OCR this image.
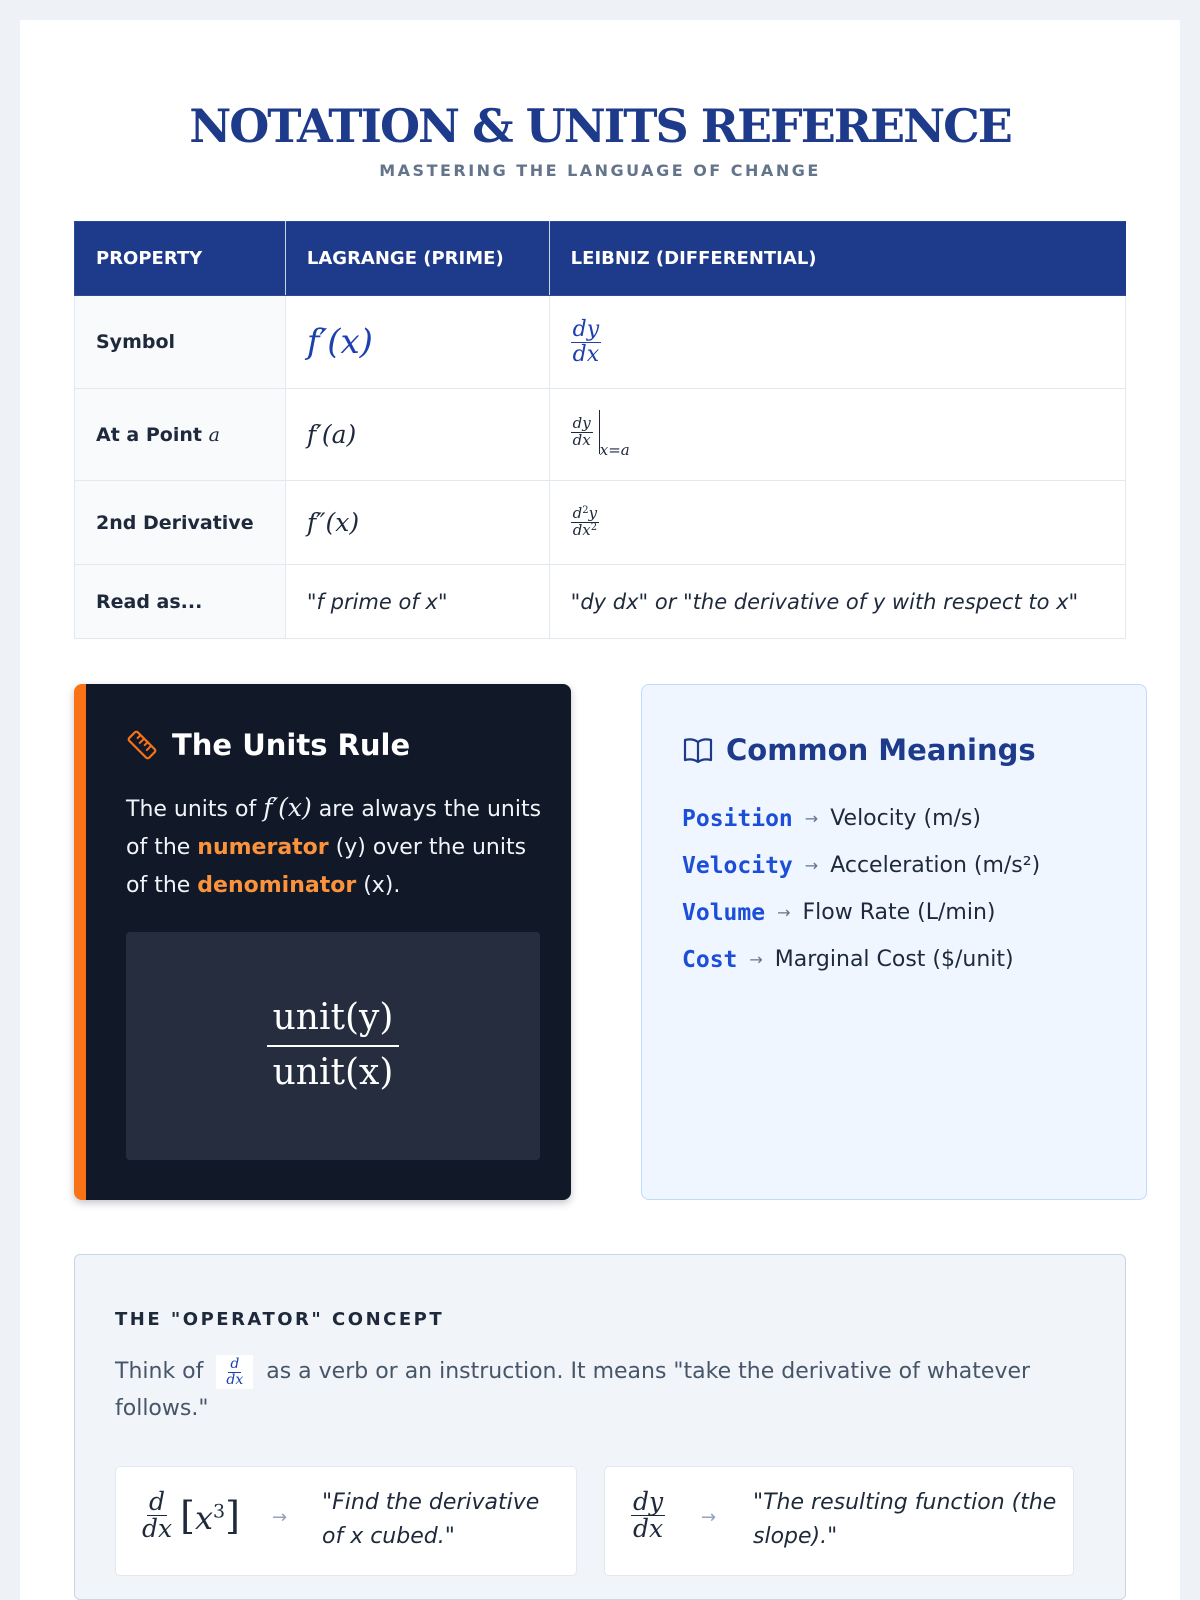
NOTATION & UNITS REFERENCE
MASTERING THE LANGUAGE OF CHANGE
PROPERTY	LAGRANGE (PRIME)	LEIBNIZ (DIFFERENTIAL)
Symbol	f′(x)	$\frac{dy}{dx}$

At a Point a	f′(a)	$\frac{dy}{dx}$
$_{x=a}$
2nd Derivative	f″(x)	$\frac{d^2y}{dx^2}$

Read as...	"f prime of x"	"dy dx" or "the derivative of y with respect to x"
The Units Rule

The units of f′(x) are always the units of the numerator (y) over the units of the denominator (x).

unit(y)
unit(x)
Common Meanings
Position → Velocity (m/s)
Velocity → Acceleration (m/s²)
Volume → Flow Rate (L/min)
Cost → Marginal Cost ($/unit)
THE "OPERATOR" CONCEPT

Think of $\frac{d}{dx}$ as a verb or an instruction. It means "take the derivative of whatever follows."

$\frac{d}{dx} [x^3]$ →
"Find the derivative of x cubed."	$\frac{dy}{dx}$ →
"The resulting function (the slope)."
